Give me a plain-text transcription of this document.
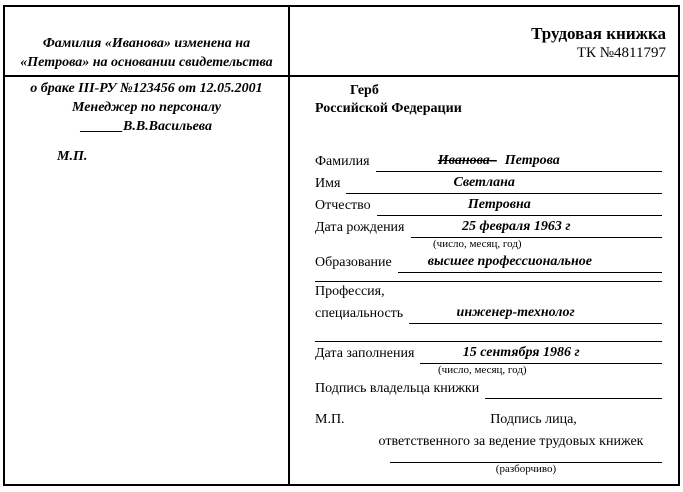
Фамилия «Иванова» изменена на
«Петрова» на основании свидетельства
Трудовая книжка
ТК №4811797
о браке III-РУ №123456 от 12.05.2001
Менеджер по персоналу
______В.В.Васильева
М.П.
Герб
Российской Федерации
Фамилия	Иванова– Петрова
Имя	Светлана
Отчество	Петровна
Дата рождения	25 февраля 1963 г
(число, месяц, год)
Образование	высшее профессиональное
Профессия,
специальность	инженер-технолог
Дата заполнения	15 сентября 1986 г
(число, месяц, год)
Подпись владельца книжки
М.П.	Подпись лица,
ответственного за ведение трудовых книжек
(разборчиво)
